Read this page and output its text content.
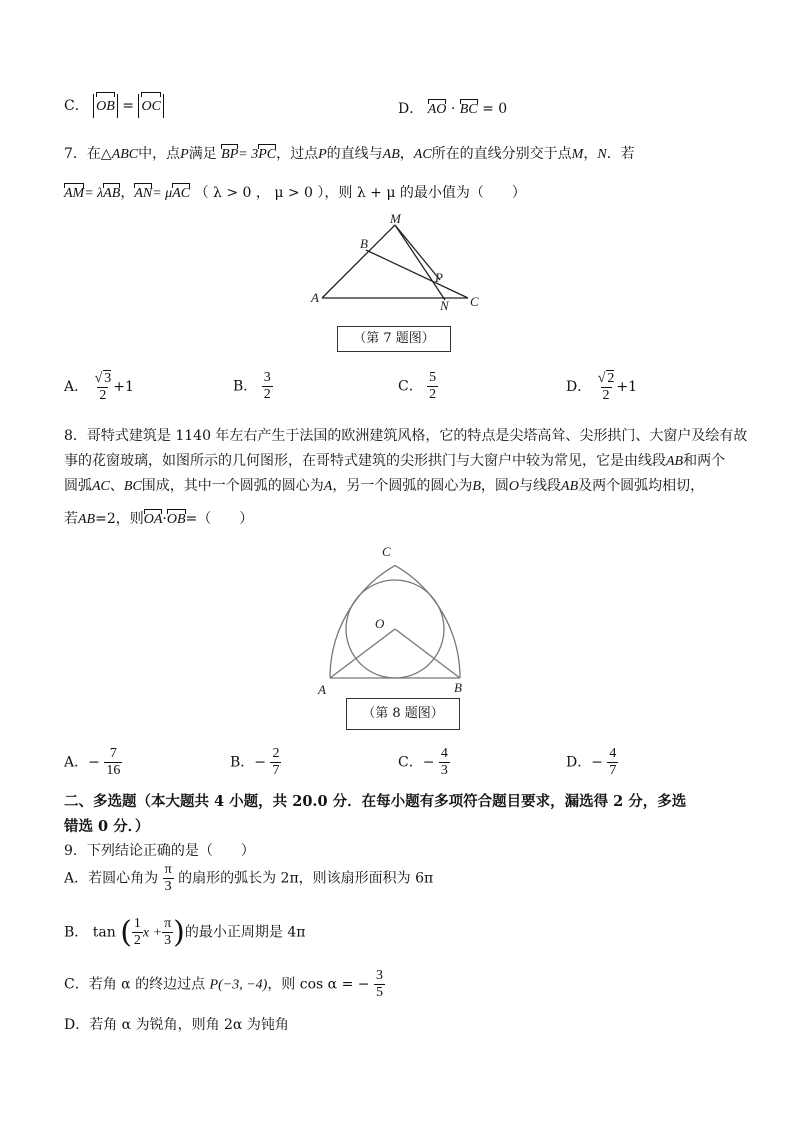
C． OB = OC	D． AO · BC = 0
7．在△ABC中，点P满足 BP= 3PC，过点P的直线与AB，AC所在的直线分别交于点M，N．若
AM= λAB，AN= μAC （ λ > 0 ， μ > 0 ），则 λ + μ 的最小值为（　　）
M
B
P
A
N C
（第 7 题图）
A． $\frac{√ 3}{2} +1$	B． $\frac{3}{2}$	C． $\frac{5}{2}$	D． $\frac{√ 2}{2} +1$
8．哥特式建筑是 1140 年左右产生于法国的欧洲建筑风格，它的特点是尖塔高耸、尖形拱门、大窗户及绘有故
事的花窗玻璃，如图所示的几何图形，在哥特式建筑的尖形拱门与大窗户中较为常见，它是由线段AB和两个
圆弧AC、BC围成，其中一个圆弧的圆心为A，另一个圆弧的圆心为B，圆O与线段AB及两个圆弧均相切，
若AB=2，则OA·OB=（　　）
C
O
A	B
（第 8 题图）
A．− $\frac{7}{16}$	B．− $\frac{2}{7}$	C．− $\frac{4}{3}$	D．− $\frac{4}{7}$
二、多选题（本大题共 4 小题，共 20.0 分．在每小题有多项符合题目要求，漏选得 2 分，多选
错选 0 分．）
9．下列结论正确的是（　　）
A．若圆心角为 $\frac{\pi}{3}$ 的扇形的弧长为 2π，则该扇形面积为 6π
B． tan ( $\frac{1}{2}$ $x + \frac{\pi}{3}$ )的最小正周期是 4π
C．若角 α 的终边过点 P(−3, −4)，则 cos α = − $\frac{3}{5}$
D．若角 α 为锐角，则角 2α 为钝角
